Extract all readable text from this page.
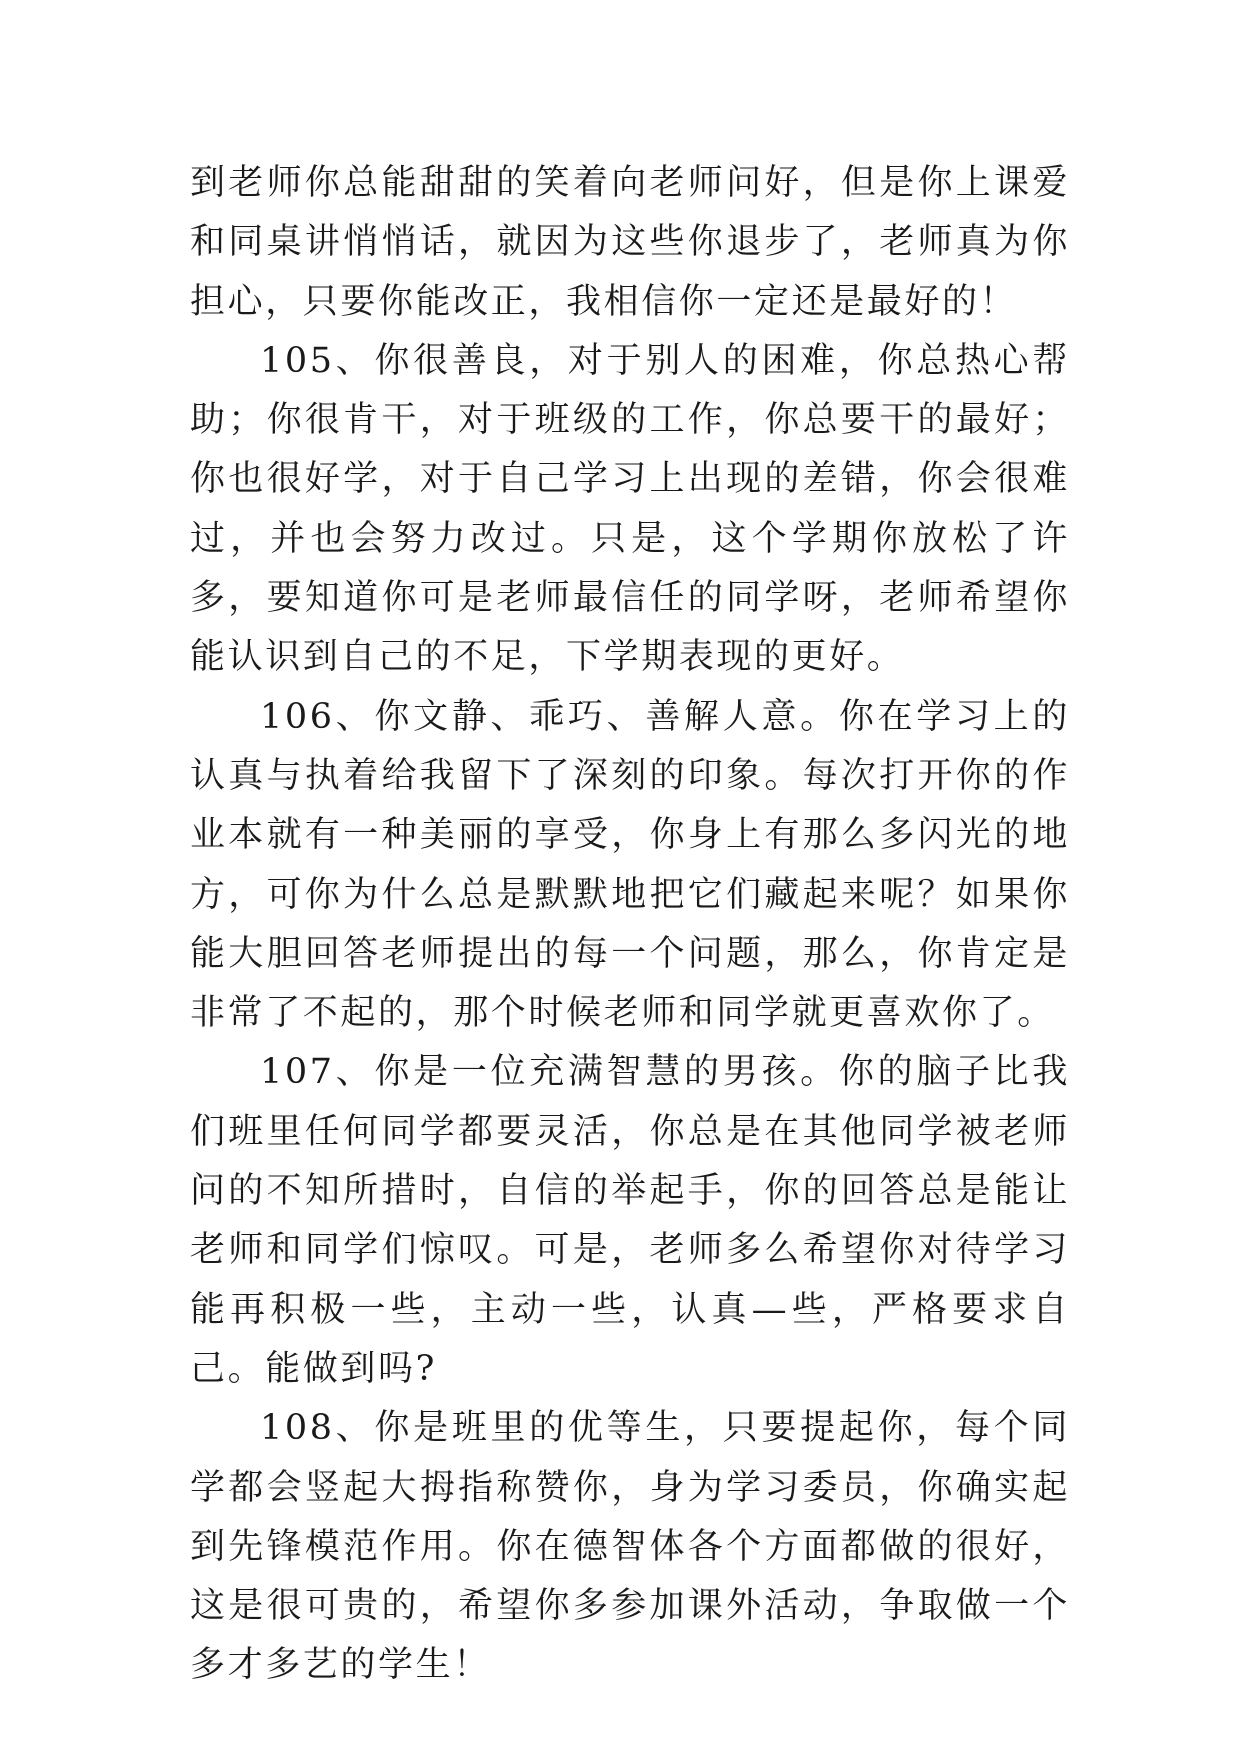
到老师你总能甜甜的笑着向老师问好，但是你上课爱和同桌讲悄悄话，就因为这些你退步了，老师真为你担心，只要你能改正，我相信你一定还是最好的！

105、你很善良，对于别人的困难，你总热心帮助；你很肯干，对于班级的工作，你总要干的最好；你也很好学，对于自己学习上出现的差错，你会很难过，并也会努力改过。只是，这个学期你放松了许多，要知道你可是老师最信任的同学呀，老师希望你能认识到自己的不足，下学期表现的更好。

106、你文静、乖巧、善解人意。你在学习上的认真与执着给我留下了深刻的印象。每次打开你的作业本就有一种美丽的享受，你身上有那么多闪光的地方，可你为什么总是默默地把它们藏起来呢？如果你能大胆回答老师提出的每一个问题，那么，你肯定是非常了不起的，那个时候老师和同学就更喜欢你了。

107、你是一位充满智慧的男孩。你的脑子比我们班里任何同学都要灵活，你总是在其他同学被老师问的不知所措时，自信的举起手，你的回答总是能让老师和同学们惊叹。可是，老师多么希望你对待学习能再积极一些，主动一些，认真—些，严格要求自己。能做到吗?

108、你是班里的优等生，只要提起你，每个同学都会竖起大拇指称赞你，身为学习委员，你确实起到先锋模范作用。你在德智体各个方面都做的很好，这是很可贵的，希望你多参加课外活动，争取做一个多才多艺的学生！
